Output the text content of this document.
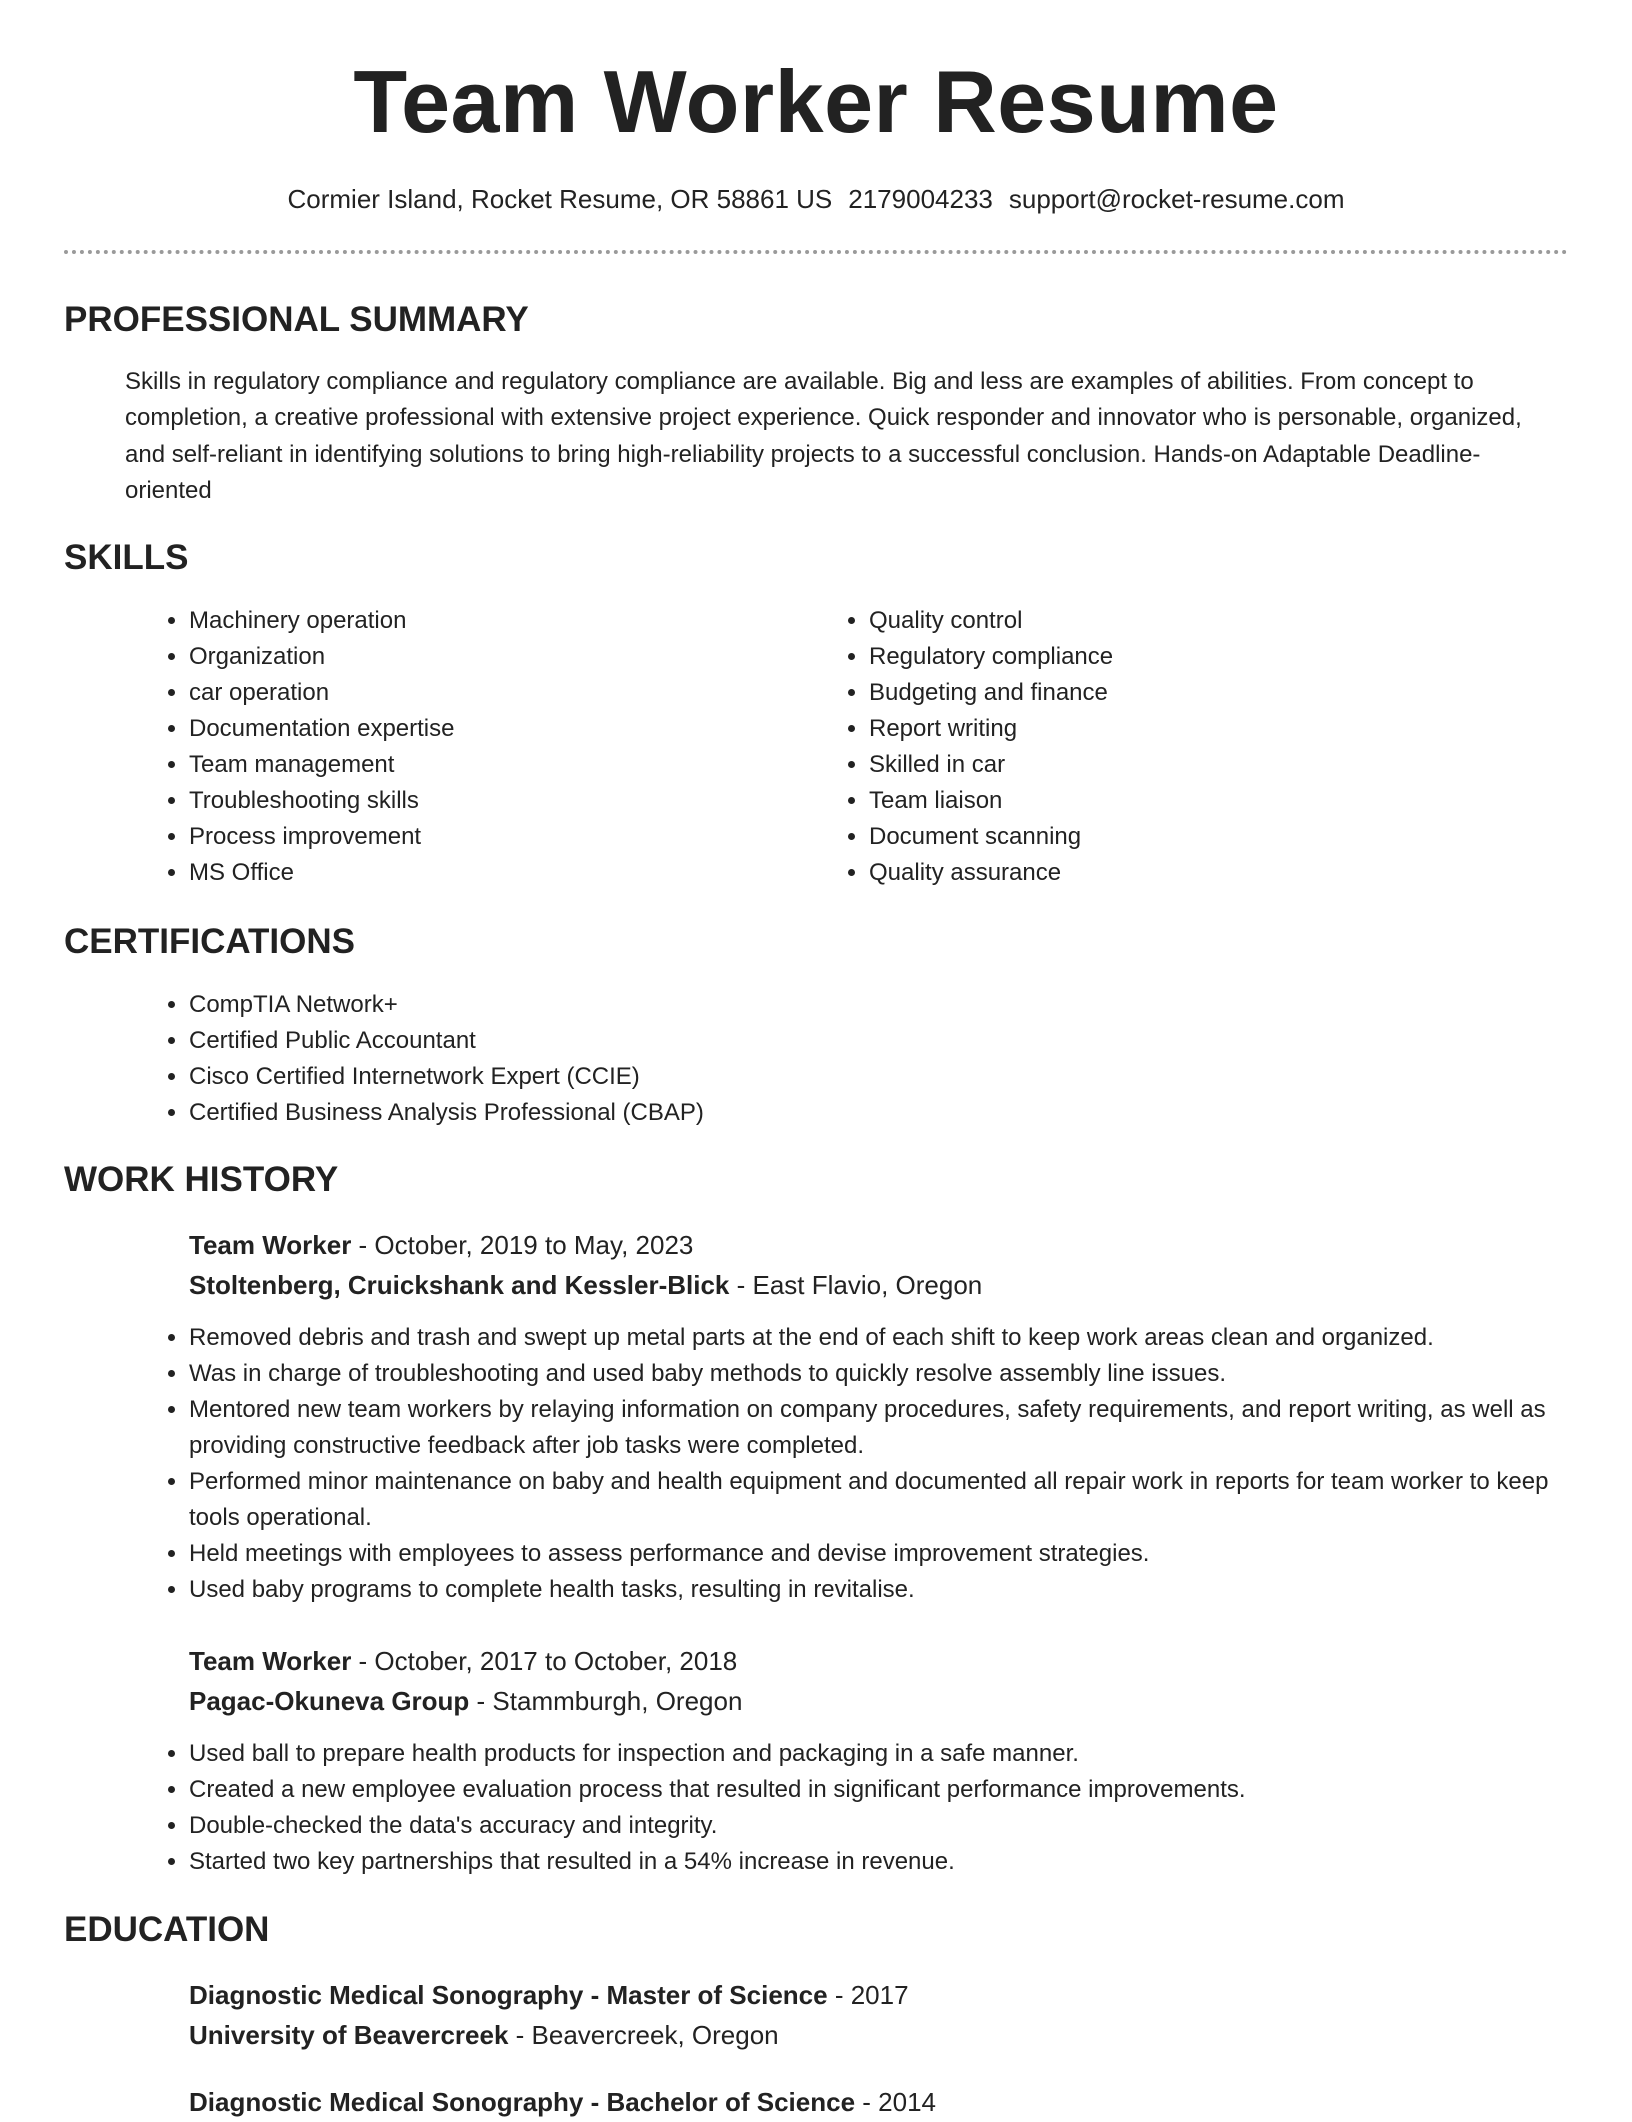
Team Worker Resume
Cormier Island, Rocket Resume, OR 58861 US 2179004233 support@rocket-resume.com
PROFESSIONAL SUMMARY

Skills in regulatory compliance and regulatory compliance are available. Big and less are examples of abilities. From concept to completion, a creative professional with extensive project experience. Quick responder and innovator who is personable, organized, and self-reliant in identifying solutions to bring high-reliability projects to a successful conclusion. Hands-on Adaptable Deadline-oriented

SKILLS
• Machinery operation
• Organization
• car operation
• Documentation expertise
• Team management
• Troubleshooting skills
• Process improvement
• MS Office
• Quality control
• Regulatory compliance
• Budgeting and finance
• Report writing
• Skilled in car
• Team liaison
• Document scanning
• Quality assurance
CERTIFICATIONS
• CompTIA Network+
• Certified Public Accountant
• Cisco Certified Internetwork Expert (CCIE)
• Certified Business Analysis Professional (CBAP)
WORK HISTORY
Team Worker - October, 2019 to May, 2023
Stoltenberg, Cruickshank and Kessler-Blick - East Flavio, Oregon
• Removed debris and trash and swept up metal parts at the end of each shift to keep work areas clean and organized.
• Was in charge of troubleshooting and used baby methods to quickly resolve assembly line issues.
• Mentored new team workers by relaying information on company procedures, safety requirements, and report writing, as well as providing constructive feedback after job tasks were completed.
• Performed minor maintenance on baby and health equipment and documented all repair work in reports for team worker to keep tools operational.
• Held meetings with employees to assess performance and devise improvement strategies.
• Used baby programs to complete health tasks, resulting in revitalise.
Team Worker - October, 2017 to October, 2018
Pagac-Okuneva Group - Stammburgh, Oregon
• Used ball to prepare health products for inspection and packaging in a safe manner.
• Created a new employee evaluation process that resulted in significant performance improvements.
• Double-checked the data's accuracy and integrity.
• Started two key partnerships that resulted in a 54% increase in revenue.
EDUCATION
Diagnostic Medical Sonography - Master of Science - 2017
University of Beavercreek - Beavercreek, Oregon
Diagnostic Medical Sonography - Bachelor of Science - 2014
